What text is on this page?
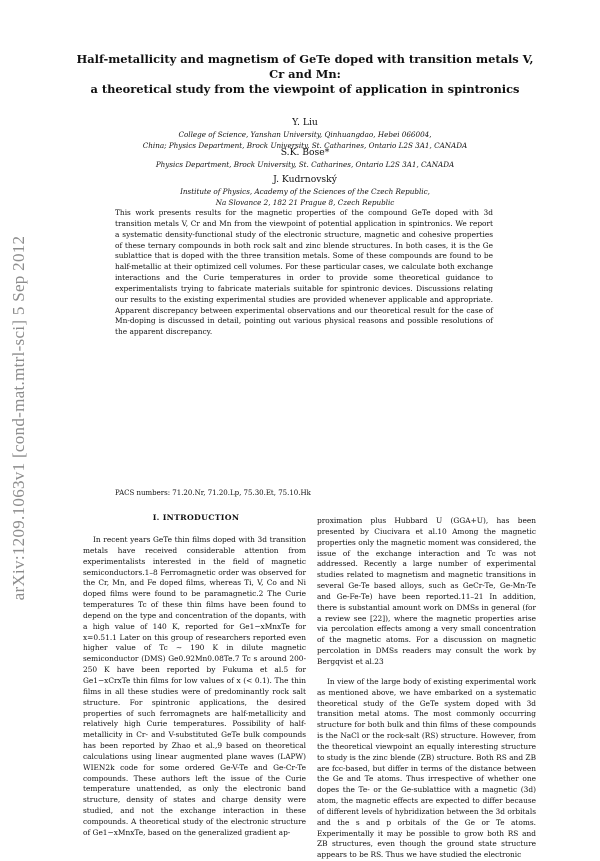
arXiv:1209.1063v1 [cond-mat.mtrl-sci] 5 Sep 2012
Half-metallicity and magnetism of GeTe doped with transition metals V, Cr and Mn:
a theoretical study from the viewpoint of application in spintronics
Y. Liu
College of Science, Yanshan University, Qinhuangdao, Hebei 066004,
China; Physics Department, Brock University, St. Catharines, Ontario L2S 3A1, CANADA
S.K. Bose*
Physics Department, Brock University, St. Catharines, Ontario L2S 3A1, CANADA
J. Kudrnovský
Institute of Physics, Academy of the Sciences of the Czech Republic,
Na Slovance 2, 182 21 Prague 8, Czech Republic
This work presents results for the magnetic properties of the compound GeTe doped with 3d transition metals V, Cr and Mn from the viewpoint of potential application in spintronics. We report a systematic density-functional study of the electronic structure, magnetic and cohesive properties of these ternary compounds in both rock salt and zinc blende structures. In both cases, it is the Ge sublattice that is doped with the three transition metals. Some of these compounds are found to be half-metallic at their optimized cell volumes. For these particular cases, we calculate both exchange interactions and the Curie temperatures in order to provide some theoretical guidance to experimentalists trying to fabricate materials suitable for spintronic devices. Discussions relating our results to the existing experimental studies are provided whenever applicable and appropriate. Apparent discrepancy between experimental observations and our theoretical result for the case of Mn-doping is discussed in detail, pointing out various physical reasons and possible resolutions of the apparent discrepancy.
PACS numbers: 71.20.Nr, 71.20.Lp, 75.30.Et, 75.10.Hk
I. INTRODUCTION

In recent years GeTe thin films doped with 3d transition metals have received considerable attention from experimentalists interested in the field of magnetic semiconductors.1–8 Ferromagnetic order was observed for the Cr, Mn, and Fe doped films, whereas Ti, V, Co and Ni doped films were found to be paramagnetic.2 The Curie temperatures Tc of these thin films have been found to depend on the type and concentration of the dopants, with a high value of 140 K, reported for Ge1−xMnxTe for x=0.51.1 Later on this group of researchers reported even higher value of Tc ∼ 190 K in dilute magnetic semiconductor (DMS) Ge0.92Mn0.08Te.7 Tc s around 200-250 K have been reported by Fukuma et al.5 for Ge1−xCrxTe thin films for low values of x (< 0.1). The thin films in all these studies were of predominantly rock salt structure. For spintronic applications, the desired properties of such ferromagnets are half-metallicity and relatively high Curie temperatures. Possibility of half-metallicity in Cr- and V-substituted GeTe bulk compounds has been reported by Zhao et al.,9 based on theoretical calculations using linear augmented plane waves (LAPW) WIEN2k code for some ordered Ge-V-Te and Ge-Cr-Te compounds. These authors left the issue of the Curie temperature unattended, as only the electronic band structure, density of states and charge density were studied, and not the exchange interaction in these compounds. A theoretical study of the electronic structure of Ge1−xMnxTe, based on the generalized gradient ap-

proximation plus Hubbard U (GGA+U), has been presented by Ciucivara et al.10 Among the magnetic properties only the magnetic moment was considered, the issue of the exchange interaction and Tc was not addressed. Recently a large number of experimental studies related to magnetism and magnetic transitions in several Ge-Te based alloys, such as GeCr-Te, Ge-Mn-Te and Ge-Fe-Te) have been reported.11–21 In addition, there is substantial amount work on DMSs in general (for a review see [22]), where the magnetic properties arise via percolation effects among a very small concentration of the magnetic atoms. For a discussion on magnetic percolation in DMSs readers may consult the work by Bergqvist et al.23

In view of the large body of existing experimental work as mentioned above, we have embarked on a systematic theoretical study of the GeTe system doped with 3d transition metal atoms. The most commonly occurring structure for both bulk and thin films of these compounds is the NaCl or the rock-salt (RS) structure. However, from the theoretical viewpoint an equally interesting structure to study is the zinc blende (ZB) structure. Both RS and ZB are fcc-based, but differ in terms of the distance between the Ge and Te atoms. Thus irrespective of whether one dopes the Te- or the Ge-sublattice with a magnetic (3d) atom, the magnetic effects are expected to differ because of different levels of hybridization between the 3d orbitals and the s and p orbitals of the Ge or Te atoms. Experimentally it may be possible to grow both RS and ZB structures, even though the ground state structure appears to be RS. Thus we have studied the electronic
